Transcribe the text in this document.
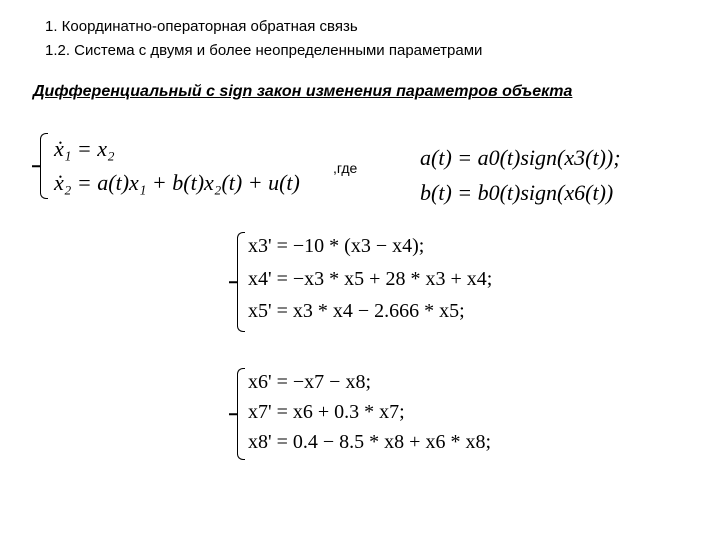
1. Координатно-операторная обратная связь
1.2. Система с двумя и более неопределенными параметрами
Дифференциальный с sign закон изменения параметров объекта
ẋ₁ = x₂
ẋ₂ = a(t)x₁ + b(t)x₂(t) + u(t)
,где	a(t) = a0(t)sign(x3(t));
b(t) = b0(t)sign(x6(t))
x3' = −10 * (x3 − x4);
x4' = −x3 * x5 + 28 * x3 + x4;
x5' = x3 * x4 − 2.666 * x5;
x6' = −x7 − x8;
x7' = x6 + 0.3 * x7;
x8' = 0.4 − 8.5 * x8 + x6 * x8;
